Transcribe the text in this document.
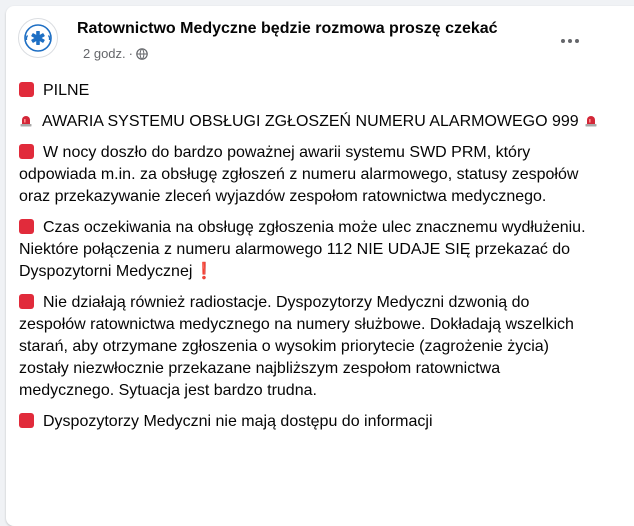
Ratownictwo Medyczne będzie rozmowa proszę czekać
2 godz. ·
PILNE
AWARIA SYSTEMU OBSŁUGI ZGŁOSZEŃ NUMERU ALARMOWEGO 999
W nocy doszło do bardzo poważnej awarii systemu SWD PRM, który odpowiada m.in. za obsługę zgłoszeń z numeru alarmowego, statusy zespołów oraz przekazywanie zleceń wyjazdów zespołom ratownictwa medycznego.
Czas oczekiwania na obsługę zgłoszenia może ulec znacznemu wydłużeniu. Niektóre połączenia z numeru alarmowego 112 NIE UDAJE SIĘ przekazać do Dyspozytorni Medycznej ❗
Nie działają również radiostacje. Dyspozytorzy Medyczni dzwonią do zespołów ratownictwa medycznego na numery służbowe. Dokładają wszelkich starań, aby otrzymane zgłoszenia o wysokim priorytecie (zagrożenie życia) zostały niezwłocznie przekazane najbliższym zespołom ratownictwa medycznego. Sytuacja jest bardzo trudna.
Dyspozytorzy Medyczni nie mają dostępu do informacji
